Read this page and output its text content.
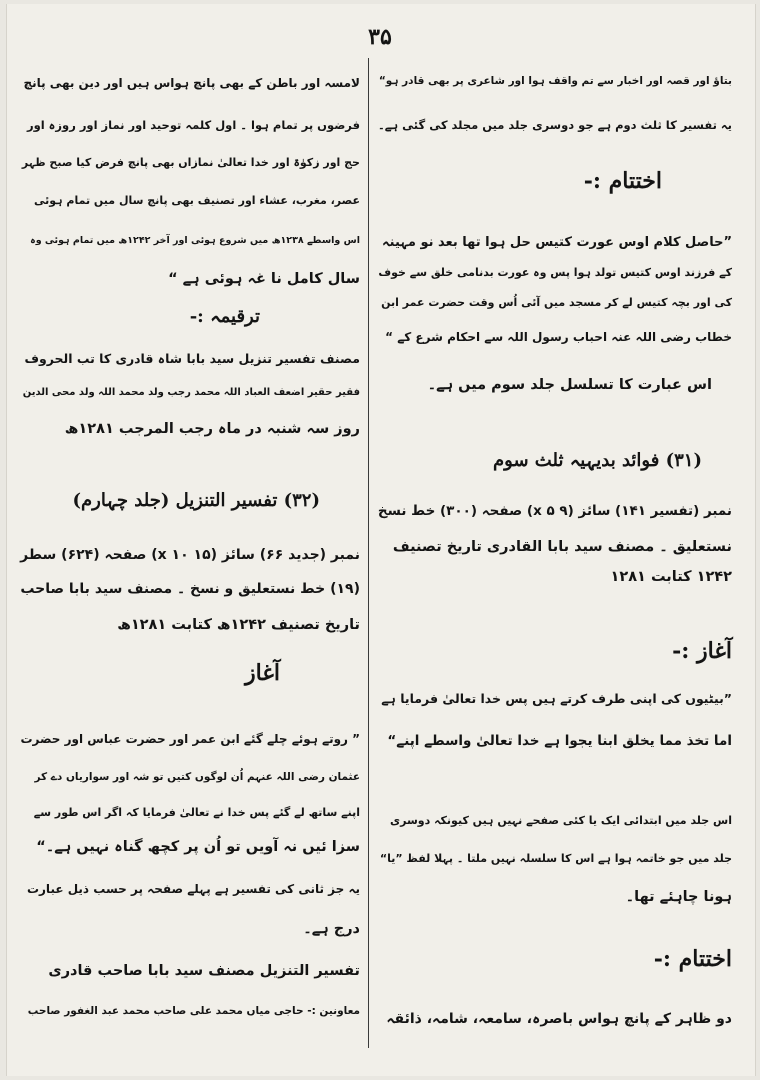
۳۵
بتاؤ اور قصہ اور اخبار سے تم واقف ہوا اور شاعری پر بھی قادر ہو“
یہ تفسیر کا ثلث دوم ہے جو دوسری جلد میں مجلد کی گئی ہے۔
اختتام :-
”حاصل کلام اوس عورت کتیس حل ہوا تھا بعد نو مہینہ
کے فرزند اوس کتیس تولد ہوا پس وہ عورت بدنامی خلق سے خوف
کی اور بچہ کتیس لے کر مسجد میں آئی اُس وقت حضرت عمر ابن
خطاب رضی اللہ عنہ احباب رسول اللہ سے احکام شرع کے “
اس عبارت کا تسلسل جلد سوم میں ہے۔
(۳۱) فوائد بدیہیہ ثلث سوم
نمبر (تفسیر ۱۴۱) سائز (۹ x ۵) صفحہ (۳۰۰) خط نسخ
نستعلیق ۔ مصنف سید بابا القادری تاریخ تصنیف
۱۲۴۲ کتابت ۱۲۸۱
آغاز :-
”بیٹیوں کی اپنی طرف کرتے ہیں پس خدا تعالیٰ فرمایا ہے
اما تخذ مما یخلق ابنا یجوا ہے خدا تعالیٰ واسطے اپنے“
اس جلد میں ابتدائی ایک یا کئی صفحے نہیں ہیں کیونکہ دوسری
جلد میں جو خاتمہ ہوا ہے اس کا سلسلہ نہیں ملتا ۔ پہلا لفظ ”یا“
ہونا چاہئے تھا۔
اختتام :-
دو ظاہر کے پانچ ہواس باصرہ، سامعہ، شامہ، ذائقہ
لامسہ اور باطن کے بھی پانچ ہواس ہیں اور دین بھی پانچ
فرضوں پر تمام ہوا ۔ اول کلمہ توحید اور نماز اور روزہ اور
حج اور زکوٰۃ اور خدا تعالیٰ نمازاں بھی پانچ فرض کیا صبح ظہر
عصر، مغرب، عشاء اور تصنیف بھی پانچ سال میں تمام ہوئی
اس واسطے ۱۲۳۸ھ میں شروع ہوئی اور آخر ۱۲۴۲ھ میں تمام ہوئی وہ
سال کامل نا غہ ہوئی ہے “
ترقیمہ :-
مصنف تفسیر تنزیل سید بابا شاہ قادری کا تب الحروف
فقیر حقیر اضعف العباد اللہ محمد رجب ولد محمد اللہ ولد محی الدین
روز سہ شنبہ در ماہ رجب المرجب ۱۲۸۱ھ
(۳۲) تفسیر التنزیل (جلد چہارم)
نمبر (جدید ۶۶) سائز (۱۵ x ۱۰) صفحہ (۶۲۴) سطر
(۱۹) خط نستعلیق و نسخ ۔ مصنف سید بابا صاحب
تاریخ تصنیف ۱۲۴۲ھ کتابت ۱۲۸۱ھ
آغاز
” روتے ہوئے چلے گئے ابن عمر اور حضرت عباس اور حضرت
عثمان رضی اللہ عنہم اُن لوگوں کتیں تو شہ اور سواریاں دے کر
اپنے ساتھ لے گئے پس خدا نے تعالیٰ فرمایا کہ اگر اس طور سے
سزا ئیں نہ آویں تو اُن پر کچھ گناہ نہیں ہے۔“
یہ جز ثانی کی تفسیر ہے پہلے صفحہ پر حسب ذیل عبارت
درج ہے۔
تفسیر التنزیل مصنف سید بابا صاحب قادری
معاونین :- حاجی میاں محمد علی صاحب محمد عبد الغفور صاحب
